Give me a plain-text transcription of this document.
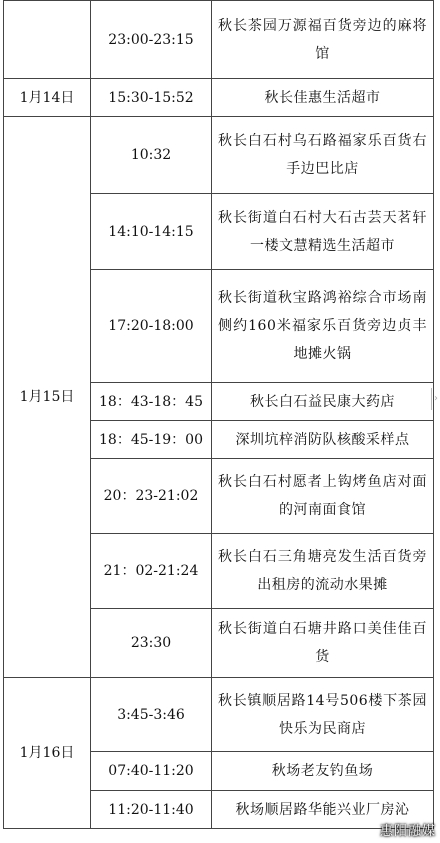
	23:00-23:15	秋长茶园万源福百货旁边的麻将馆
1月14日	15:30-15:52	秋长佳惠生活超市
1月15日	10:32	秋长白石村乌石路福家乐百货右手边巴比店
	14:10-14:15	秋长街道白石村大石古芸天茗轩一楼文慧精选生活超市
	17:20-18:00	秋长街道秋宝路鸿裕综合市场南侧约160米福家乐百货旁边贞丰地摊火锅
	18：43-18：45	秋长白石益民康大药店
	18：45-19：00	深圳坑梓消防队核酸采样点
	20：23-21:02	秋长白石村愿者上钩烤鱼店对面的河南面食馆
	21：02-21:24	秋长白石三角塘亮发生活百货旁出租房的流动水果摊
	23:30	秋长街道白石塘井路口美佳佳百货
1月16日	3:45-3:46	秋长镇顺居路14号506楼下茶园快乐为民商店
	07:40-11:20	秋场老友钓鱼场
	11:20-11:40	秋场顺居路华能兴业厂房沁
›
惠阳融媒
